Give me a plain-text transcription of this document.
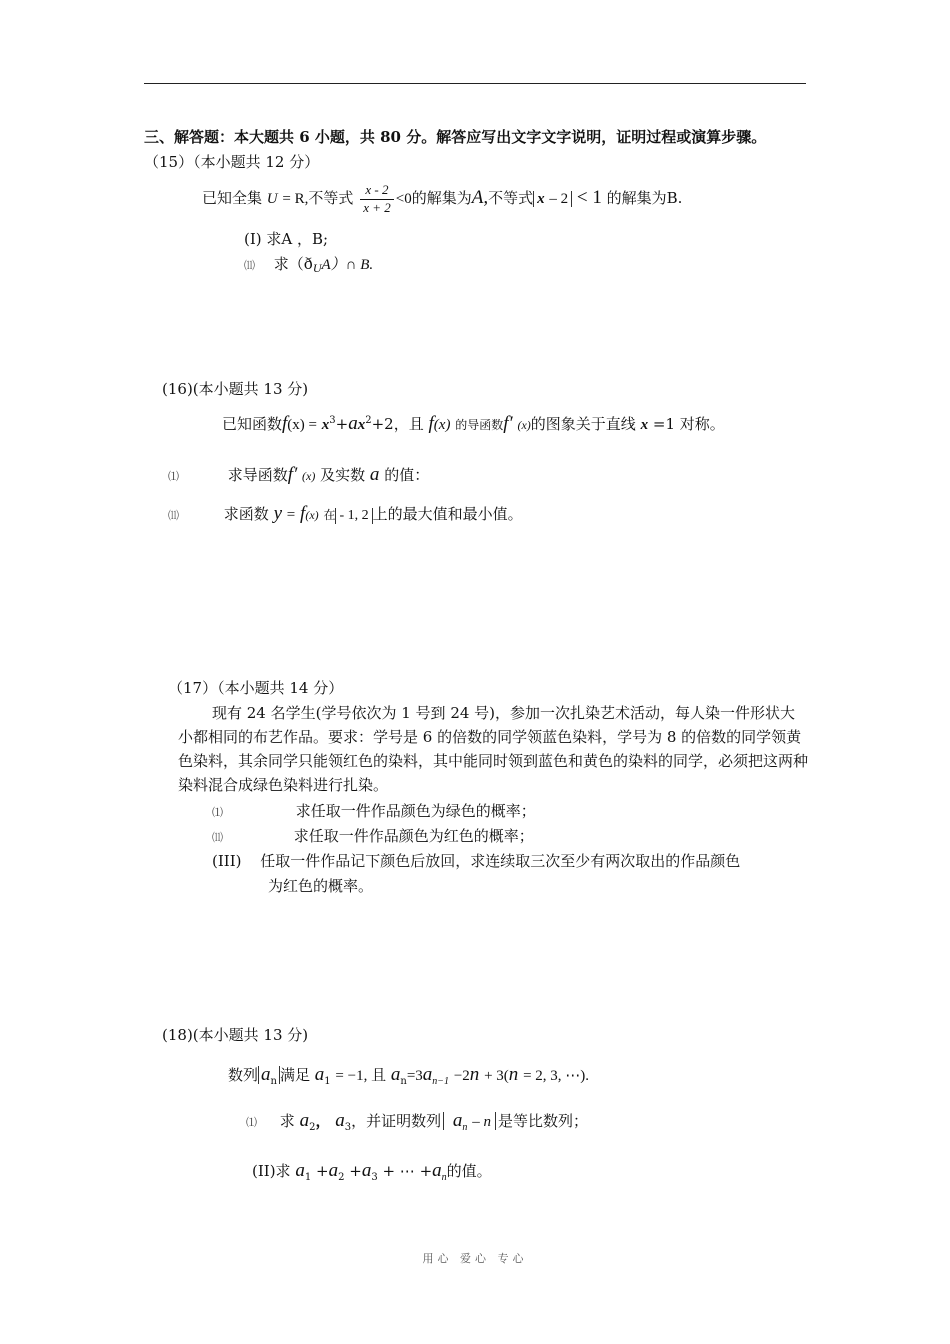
三、解答题：本大题共 6 小题，共 80 分。解答应写出文字文字说明，证明过程或演算步骤。
（15）（本小题共 12 分）
已知全集 U = R,不等式 $\frac{x - 2}{x + 2} <0$的解集为A,不等式 x – 2 < 1 的解集为B.
(I) 求A ，B;
⑾ 求$(ð_UA)\cap$ B.
(16)(本小题共 13 分)
已知函数$f(x) = x^3+ax^2+2$，且 f(x) 的导函数f′ (x)的图象关于直线 x =1 对称。
⑴	求导函数f′ (x) 及实数 a 的值：
⑾	求函数 y = f(x) 在 - 1, 2 上的最大值和最小值。
（17）（本小题共 14 分）
现有 24 名学生(学号依次为 1 号到 24 号)，参加一次扎染艺术活动，每人染一件形状大小都相同的布艺作品。要求：学号是 6 的倍数的同学领蓝色染料，学号为 8 的倍数的同学领黄色染料，其余同学只能领红色的染料，其中能同时领到蓝色和黄色的染料的同学，必须把这两种染料混合成绿色染料进行扎染。
⑴	求任取一件作品颜色为绿色的概率；
⑾	求任取一件作品颜色为红色的概率；
(III) 任取一件作品记下颜色后放回，求连续取三次至少有两次取出的作品颜色
为红色的概率。
(18)(本小题共 13 分)
数列 $a_n$ 满足 $a_1 = -1$, 且 $a_n=3a_{n-1} -2n + 3(n = 2$, 3, ⋯).
⑴ 求 $a_2$， $a_3$，并证明数列 $a_n$ – n 是等比数列；
(II)求 $a_1 +a_2 +a_3$ + ⋯ $+a_n$的值。
用心 爱心 专心
